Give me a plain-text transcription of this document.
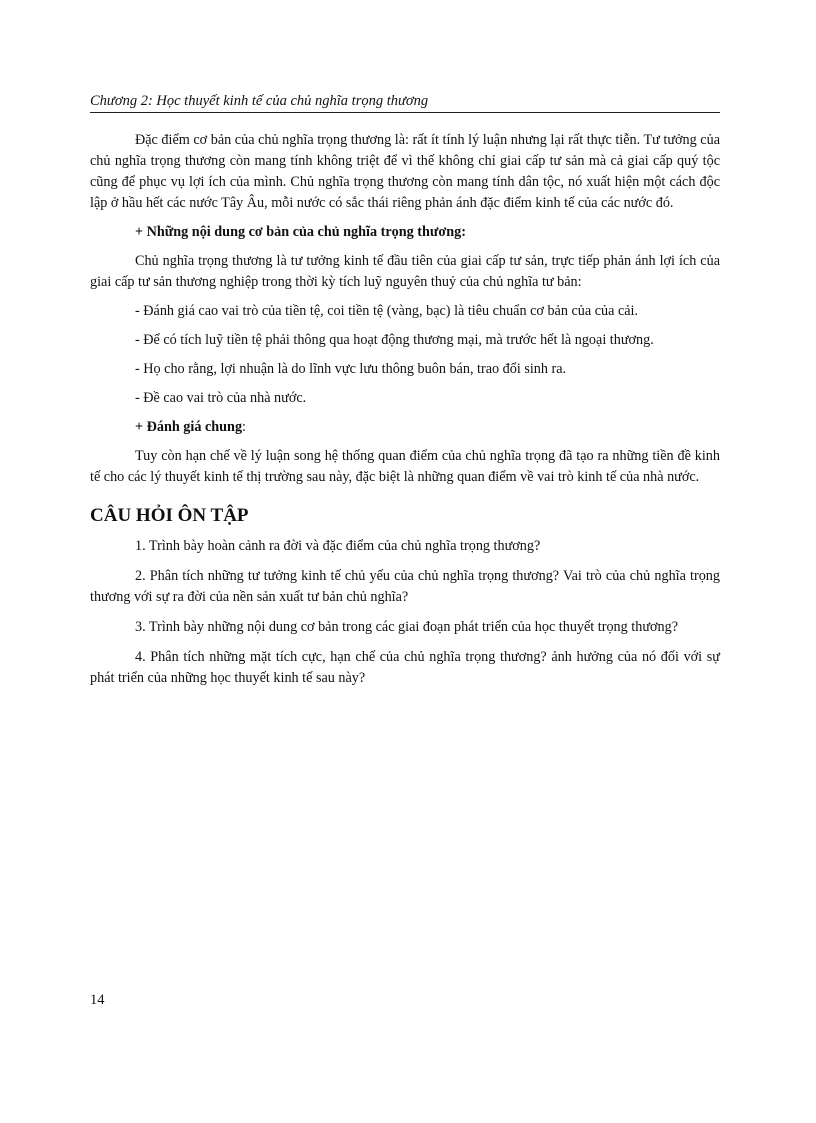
Chương 2: Học thuyết kinh tế của chủ nghĩa trọng thương

Đặc điểm cơ bản của chủ nghĩa trọng thương là: rất ít tính lý luận nhưng lại rất thực tiễn. Tư tưởng của chủ nghĩa trọng thương còn mang tính không triệt để vì thế không chỉ giai cấp tư sản mà cả giai cấp quý tộc cũng để phục vụ lợi ích của mình. Chủ nghĩa trọng thương còn mang tính dân tộc, nó xuất hiện một cách độc lập ở hầu hết các nước Tây Âu, mỗi nước có sắc thái riêng phản ánh đặc điểm kinh tế của các nước đó.

+ Những nội dung cơ bản của chủ nghĩa trọng thương:

Chủ nghĩa trọng thương là tư tưởng kinh tế đầu tiên của giai cấp tư sản, trực tiếp phản ánh lợi ích của giai cấp tư sản thương nghiệp trong thời kỳ tích luỹ nguyên thuỷ của chủ nghĩa tư bản:

- Đánh giá cao vai trò của tiền tệ, coi tiền tệ (vàng, bạc) là tiêu chuẩn cơ bản của của cải.

- Để có tích luỹ tiền tệ phải thông qua hoạt động thương mại, mà trước hết là ngoại thương.

- Họ cho rằng, lợi nhuận là do lĩnh vực lưu thông buôn bán, trao đổi sinh ra.

- Đề cao vai trò của nhà nước.

+ Đánh giá chung:

Tuy còn hạn chế về lý luận song hệ thống quan điểm của chủ nghĩa trọng đã tạo ra những tiền đề kinh tế cho các lý thuyết kinh tế thị trường sau này, đặc biệt là những quan điểm về vai trò kinh tế của nhà nước.

CÂU HỎI ÔN TẬP

1. Trình bày hoàn cảnh ra đời và đặc điểm của chủ nghĩa trọng thương?

2. Phân tích những tư tưởng kinh tế chủ yếu của chủ nghĩa trọng thương? Vai trò của chủ nghĩa trọng thương với sự ra đời của nền sản xuất tư bản chủ nghĩa?

3. Trình bày những nội dung cơ bản trong các giai đoạn phát triển của học thuyết trọng thương?

4. Phân tích những mặt tích cực, hạn chế của chủ nghĩa trọng thương? ảnh hưởng của nó đối với sự phát triển của những học thuyết kinh tế sau này?

14
